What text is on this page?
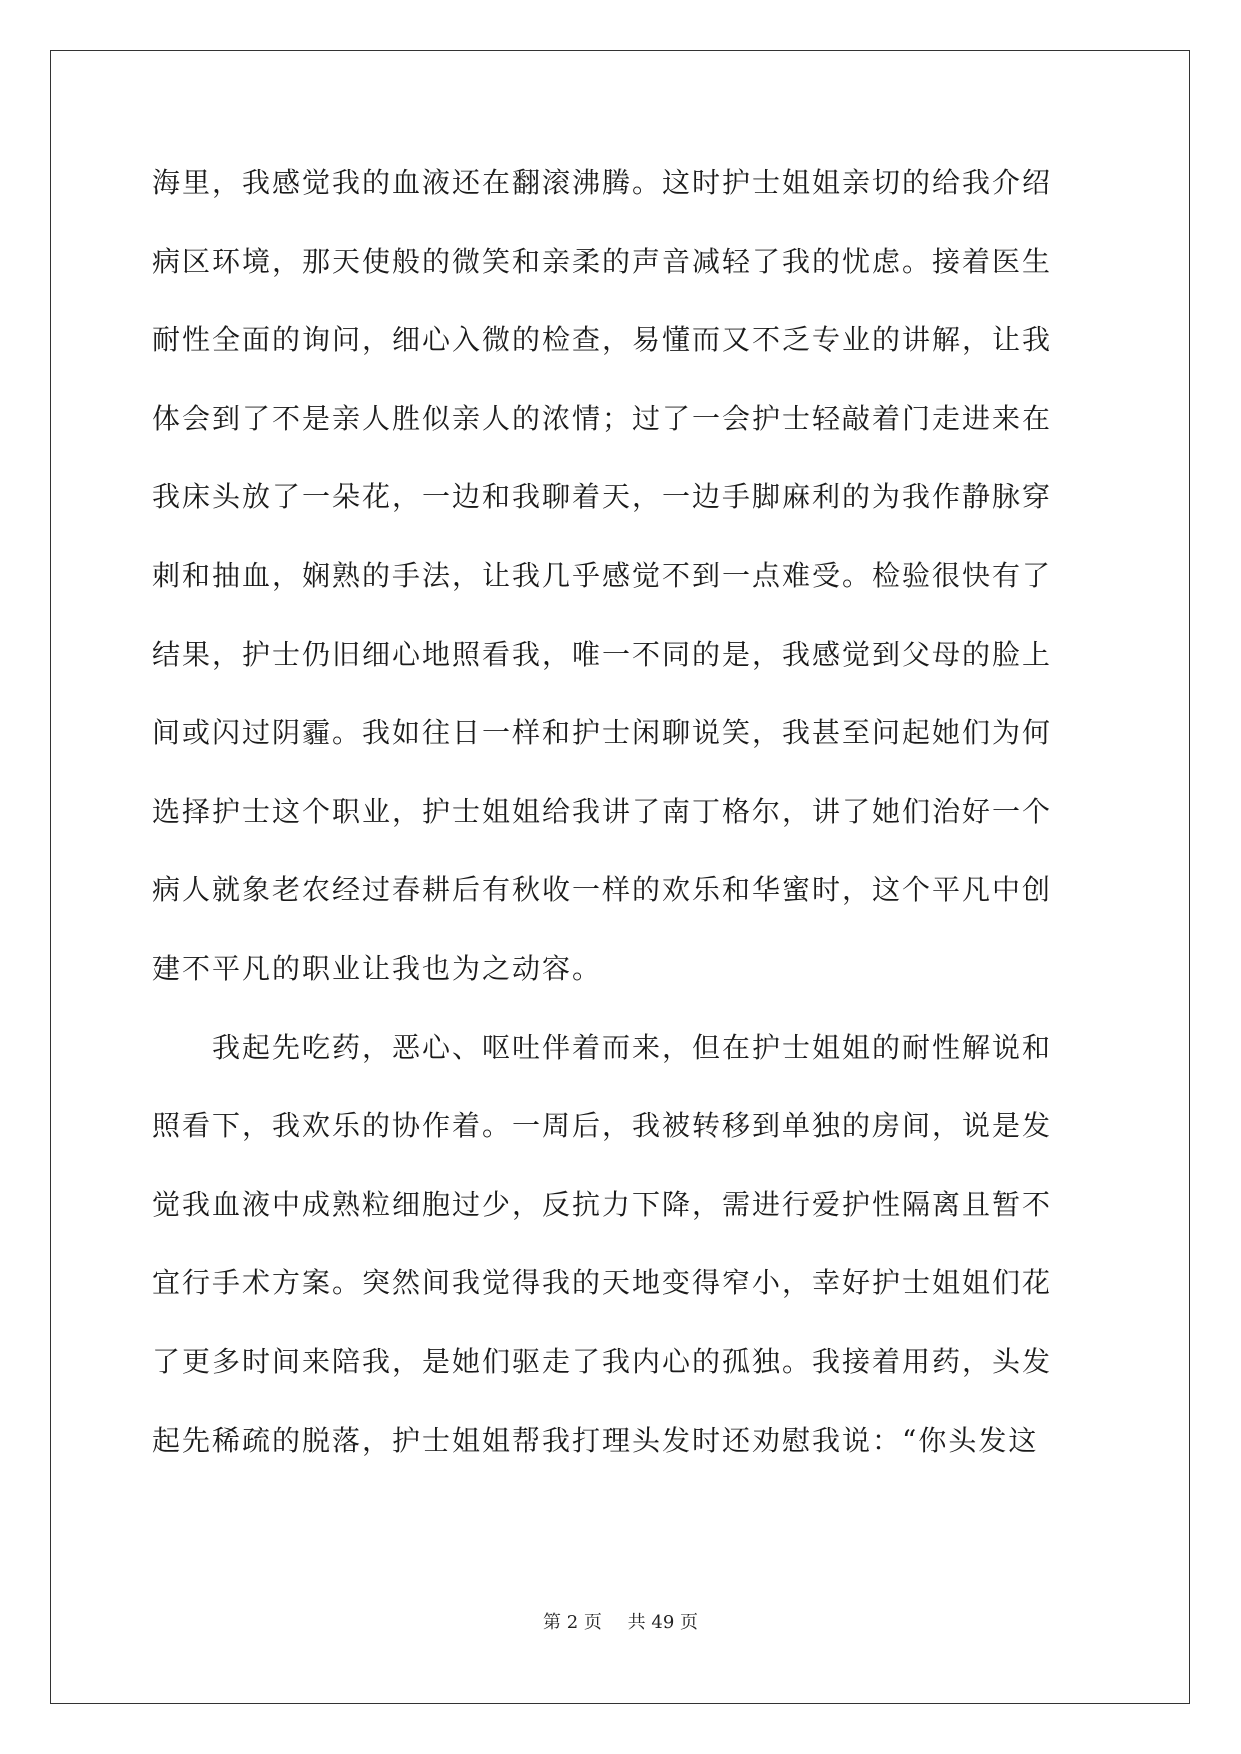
海里，我感觉我的血液还在翻滚沸腾。这时护士姐姐亲切的给我介绍
病区环境，那天使般的微笑和亲柔的声音减轻了我的忧虑。接着医生
耐性全面的询问，细心入微的检查，易懂而又不乏专业的讲解，让我
体会到了不是亲人胜似亲人的浓情；过了一会护士轻敲着门走进来在
我床头放了一朵花，一边和我聊着天，一边手脚麻利的为我作静脉穿
刺和抽血，娴熟的手法，让我几乎感觉不到一点难受。检验很快有了
结果，护士仍旧细心地照看我，唯一不同的是，我感觉到父母的脸上
间或闪过阴霾。我如往日一样和护士闲聊说笑，我甚至问起她们为何
选择护士这个职业，护士姐姐给我讲了南丁格尔，讲了她们治好一个
病人就象老农经过春耕后有秋收一样的欢乐和华蜜时，这个平凡中创
建不平凡的职业让我也为之动容。
　　我起先吃药，恶心、呕吐伴着而来，但在护士姐姐的耐性解说和
照看下，我欢乐的协作着。一周后，我被转移到单独的房间，说是发
觉我血液中成熟粒细胞过少，反抗力下降，需进行爱护性隔离且暂不
宜行手术方案。突然间我觉得我的天地变得窄小，幸好护士姐姐们花
了更多时间来陪我，是她们驱走了我内心的孤独。我接着用药，头发
起先稀疏的脱落，护士姐姐帮我打理头发时还劝慰我说：“你头发这
第 2 页 共 49 页
